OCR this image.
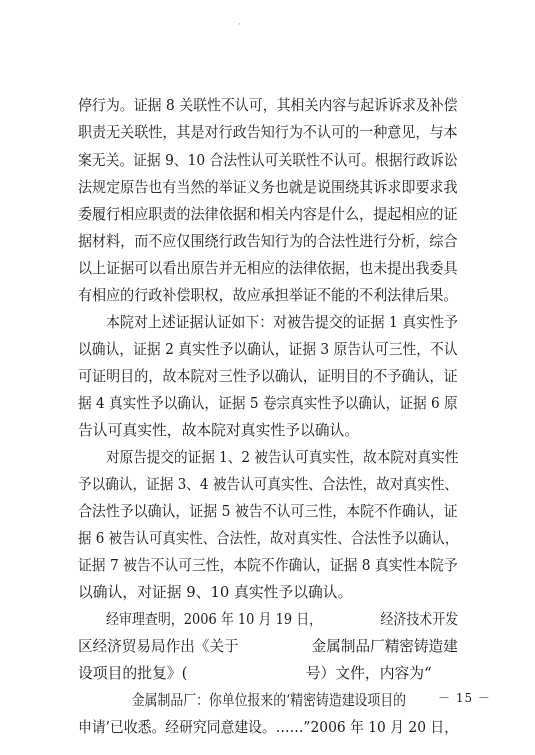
·
停行为。证据 8 关联性不认可，其相关内容与起诉诉求及补偿
职责无关联性，其是对行政告知行为不认可的一种意见，与本
案无关。证据 9、10 合法性认可关联性不认可。根据行政诉讼
法规定原告也有当然的举证义务也就是说围绕其诉求即要求我
委履行相应职责的法律依据和相关内容是什么，提起相应的证
据材料，而不应仅围绕行政告知行为的合法性进行分析，综合
以上证据可以看出原告并无相应的法律依据，也未提出我委具
有相应的行政补偿职权，故应承担举证不能的不利法律后果。
本院对上述证据认证如下：对被告提交的证据 1 真实性予
以确认，证据 2 真实性予以确认，证据 3 原告认可三性，不认
可证明目的，故本院对三性予以确认，证明目的不予确认，证
据 4 真实性予以确认，证据 5 卷宗真实性予以确认，证据 6 原
告认可真实性，故本院对真实性予以确认。
对原告提交的证据 1、2 被告认可真实性，故本院对真实性
予以确认，证据 3、4 被告认可真实性、合法性，故对真实性、
合法性予以确认，证据 5 被告不认可三性，本院不作确认，证
据 6 被告认可真实性、合法性，故对真实性、合法性予以确认，
证据 7 被告不认可三性，本院不作确认，证据 8 真实性本院予
以确认，对证据 9、10 真实性予以确认。
经审理查明，2006 年 10 月 19 日，　　　　　经济技术开发
区经济贸易局作出《关于　　　　　金属制品厂精密铸造建
设项目的批复》(　　　　　　　　号）文件，内容为“
　　金属制品厂：你单位报来的‘精密铸造建设项目的
申请’已收悉。经研究同意建设。……”2006 年 10 月 20 日，
－ 15 －
